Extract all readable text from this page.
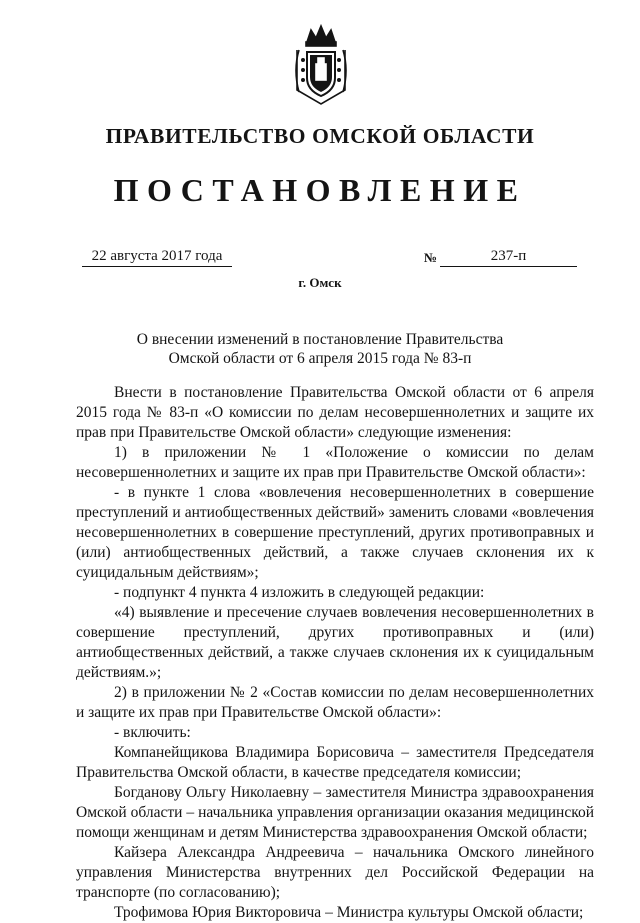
ПРАВИТЕЛЬСТВО ОМСКОЙ ОБЛАСТИ
ПОСТАНОВЛЕНИЕ
22 августа 2017 года	№	237-п
г. Омск
О внесении изменений в постановление Правительства
Омской области от 6 апреля 2015 года № 83-п

Внести в постановление Правительства Омской области от 6 апреля 2015 года № 83-п «О комиссии по делам несовершеннолетних и защите их прав при Правительстве Омской области» следующие изменения:

1) в приложении № 1 «Положение о комиссии по делам несовершеннолетних и защите их прав при Правительстве Омской области»:

- в пункте 1 слова «вовлечения несовершеннолетних в совершение преступлений и антиобщественных действий» заменить словами «вовлечения несовершеннолетних в совершение преступлений, других противоправных и (или) антиобщественных действий, а также случаев склонения их к суицидальным действиям»;

- подпункт 4 пункта 4 изложить в следующей редакции:

«4) выявление и пресечение случаев вовлечения несовершеннолетних в совершение преступлений, других противоправных и (или) антиобщественных действий, а также случаев склонения их к суицидальным действиям.»;

2) в приложении № 2 «Состав комиссии по делам несовершеннолетних и защите их прав при Правительстве Омской области»:

- включить:

Компанейщикова Владимира Борисовича – заместителя Председателя Правительства Омской области, в качестве председателя комиссии;

Богданову Ольгу Николаевну – заместителя Министра здравоохранения Омской области – начальника управления организации оказания медицинской помощи женщинам и детям Министерства здравоохранения Омской области;

Кайзера Александра Андреевича – начальника Омского линейного управления Министерства внутренних дел Российской Федерации на транспорте (по согласованию);

Трофимова Юрия Викторовича – Министра культуры Омской области;
